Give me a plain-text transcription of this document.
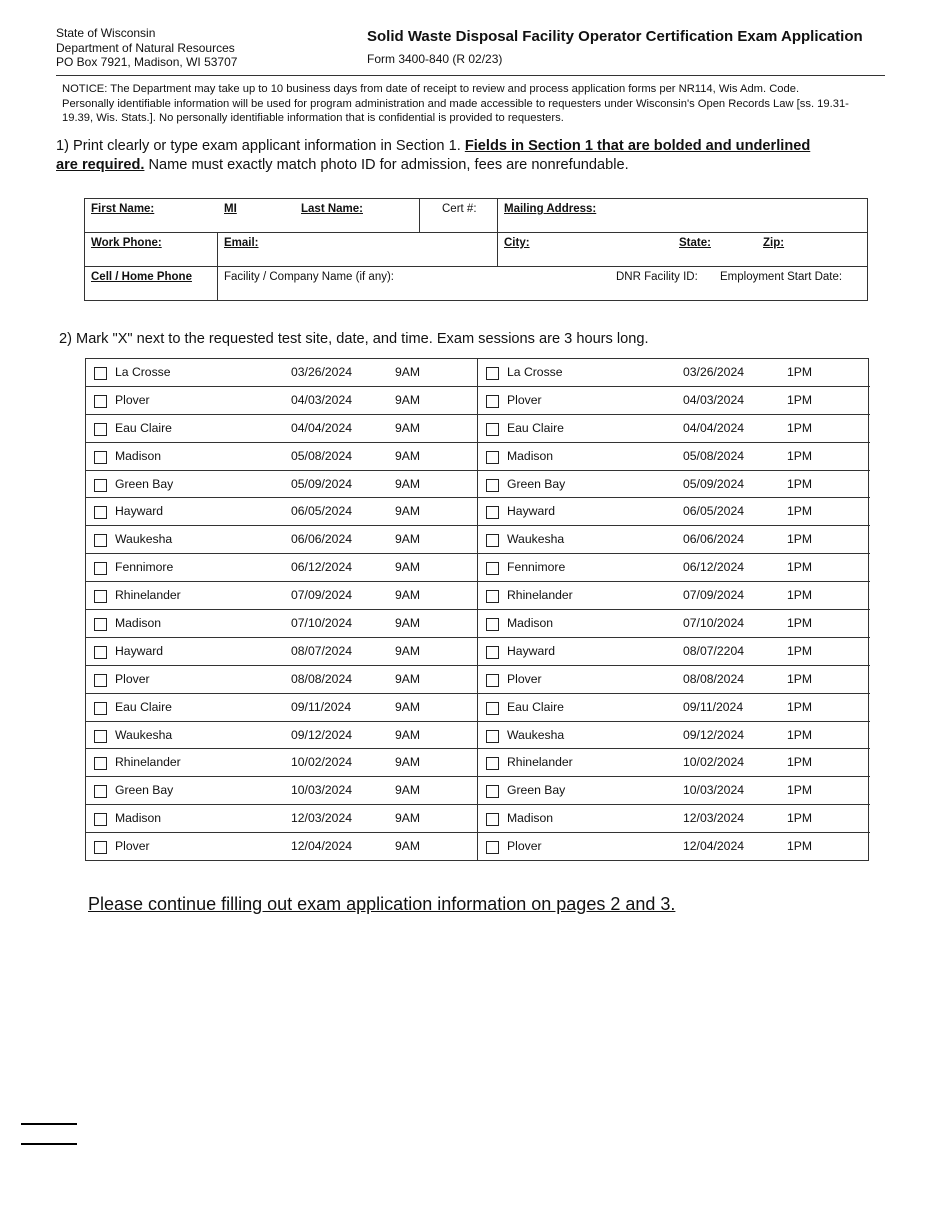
State of Wisconsin
Department of Natural Resources
PO Box 7921, Madison, WI 53707
Solid Waste Disposal Facility Operator Certification Exam Application
Form 3400-840 (R 02/23)
NOTICE: The Department may take up to 10 business days from date of receipt to review and process application forms per NR114, Wis Adm. Code. Personally identifiable information will be used for program administration and made accessible to requesters under Wisconsin's Open Records Law [ss. 19.31-19.39, Wis. Stats.]. No personally identifiable information that is confidential is provided to requesters.
1) Print clearly or type exam applicant information in Section 1. Fields in Section 1 that are bolded and underlined are required. Name must exactly match photo ID for admission, fees are nonrefundable.
First Name: MI Last Name:		Cert #:	Mailing Address:
Work Phone:	Email:		City: State: Zip:

Cell / Home Phone	Facility / Company Name (if any): DNR Facility ID: Employment Start Date:		
2) Mark "X" next to the requested test site, date, and time. Exam sessions are 3 hours long.
La Crosse	03/26/2024	9AM
Plover	04/03/2024	9AM
Eau Claire	04/04/2024	9AM
Madison	05/08/2024	9AM
Green Bay	05/09/2024	9AM
Hayward	06/05/2024	9AM
Waukesha	06/06/2024	9AM
Fennimore	06/12/2024	9AM
Rhinelander	07/09/2024	9AM
Madison	07/10/2024	9AM
Hayward	08/07/2024	9AM
Plover	08/08/2024	9AM
Eau Claire	09/11/2024	9AM
Waukesha	09/12/2024	9AM
Rhinelander	10/02/2024	9AM
Green Bay	10/03/2024	9AM
Madison	12/03/2024	9AM
Plover	12/04/2024	9AM
La Crosse	03/26/2024	1PM
Plover	04/03/2024	1PM
Eau Claire	04/04/2024	1PM
Madison	05/08/2024	1PM
Green Bay	05/09/2024	1PM
Hayward	06/05/2024	1PM
Waukesha	06/06/2024	1PM
Fennimore	06/12/2024	1PM
Rhinelander	07/09/2024	1PM
Madison	07/10/2024	1PM
Hayward	08/07/2204	1PM
Plover	08/08/2024	1PM
Eau Claire	09/11/2024	1PM
Waukesha	09/12/2024	1PM
Rhinelander	10/02/2024	1PM
Green Bay	10/03/2024	1PM
Madison	12/03/2024	1PM
Plover	12/04/2024	1PM
Please continue filling out exam application information on pages 2 and 3.
